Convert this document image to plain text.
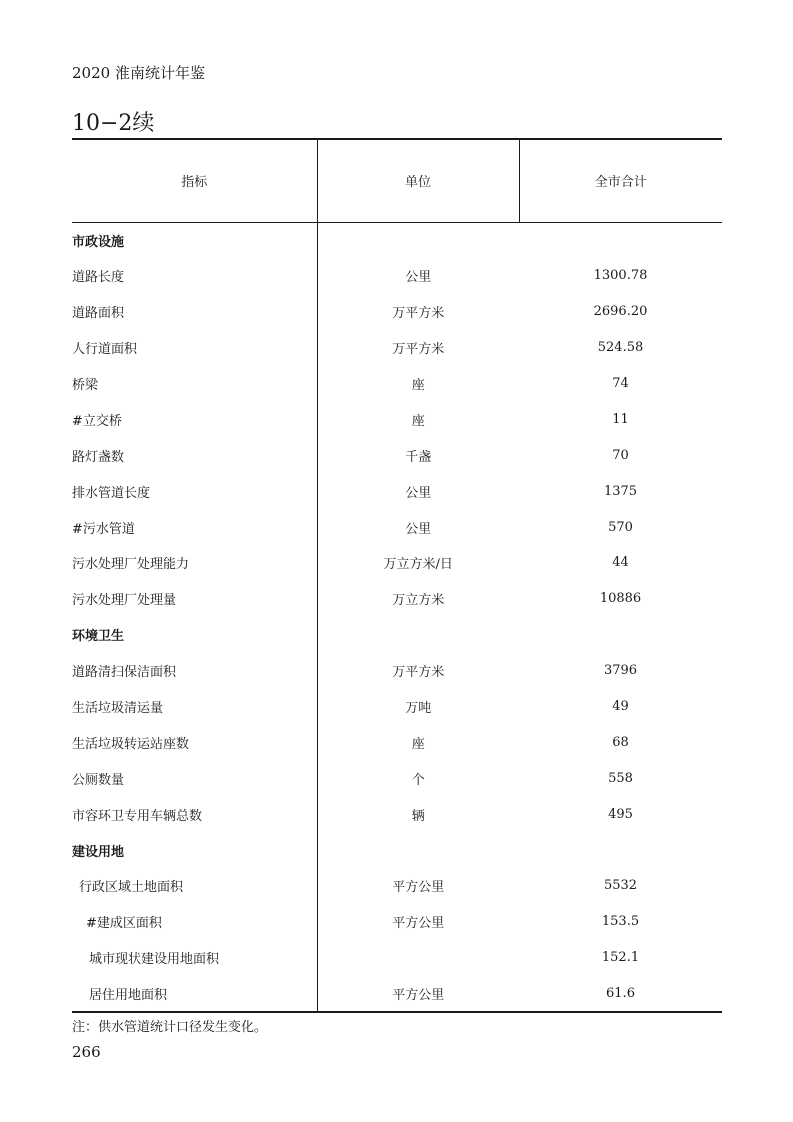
2020 淮南统计年鉴
10−2续
指标	单位	全市合计
市政设施		
道路长度	公里	1300.78
道路面积	万平方米	2696.20
人行道面积	万平方米	524.58
桥梁	座	74
#立交桥	座	11
路灯盏数	千盏	70
排水管道长度	公里	1375
#污水管道	公里	570
污水处理厂处理能力	万立方米/日	44
污水处理厂处理量	万立方米	10886
环境卫生		
道路清扫保洁面积	万平方米	3796
生活垃圾清运量	万吨	49
生活垃圾转运站座数	座	68
公厕数量	个	558
市容环卫专用车辆总数	辆	495
建设用地		
行政区域土地面积	平方公里	5532
#建成区面积	平方公里	153.5
城市现状建设用地面积		152.1
居住用地面积	平方公里	61.6
注：供水管道统计口径发生变化。
266
